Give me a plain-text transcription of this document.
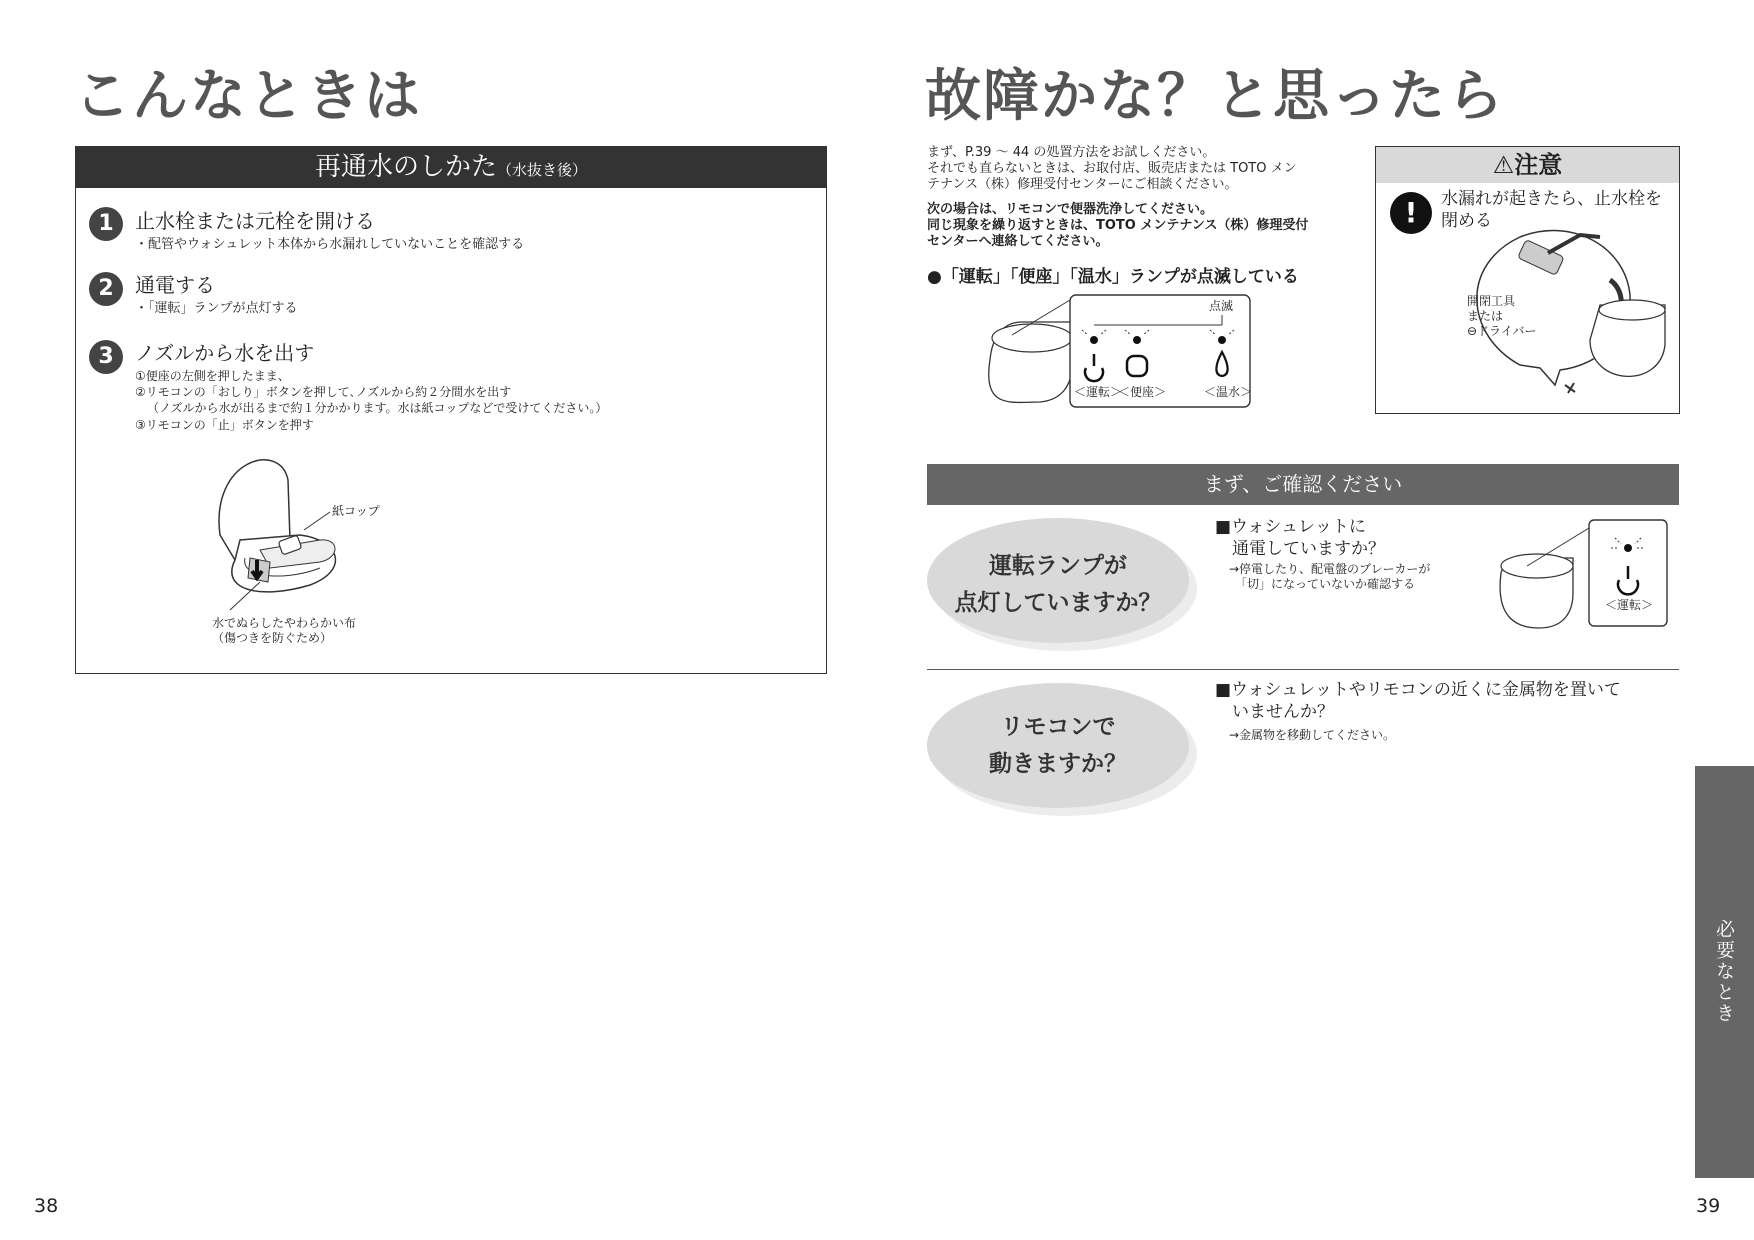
こんなときは
再通水のしかた（水抜き後）
1	止水栓または元栓を開ける
・配管やウォシュレット本体から水漏れしていないことを確認する
2	通電する
・「運転」ランプが点灯する
3	ノズルから水を出す
①便座の左側を押したまま、
②リモコンの「おしり」ボタンを押して､ノズルから約２分間水を出す
（ノズルから水が出るまで約１分かかります。水は紙コップなどで受けてください。）
③リモコンの「止」ボタンを押す
紙コップ
水でぬらしたやわらかい布
（傷つきを防ぐため）
38
故障かな？と思ったら
まず、P.39 ～ 44 の処置方法をお試しください。
それでも直らないときは、お取付店、販売店または TOTO メン
テナンス（株）修理受付センターにご相談ください。
次の場合は、リモコンで便器洗浄してください。
同じ現象を繰り返すときは、TOTO メンテナンス（株）修理受付
センターへ連絡してください。
●「運転」「便座」「温水」ランプが点滅している
点滅
＜運転＞
＜便座＞	＜温水＞
⚠注意
!	水漏れが起きたら、止水栓を
閉める
開閉工具
または
⊖ドライバー
まず、ご確認ください
運転ランプが
点灯していますか？
■ウォシュレットに
　通電していますか？
→停電したり、配電盤のブレーカーが
　「切」になっていないか確認する
＜運転＞
リモコンで
動きますか？
■ウォシュレットやリモコンの近くに金属物を置いて
　いませんか？
→金属物を移動してください。
必要なとき
39
